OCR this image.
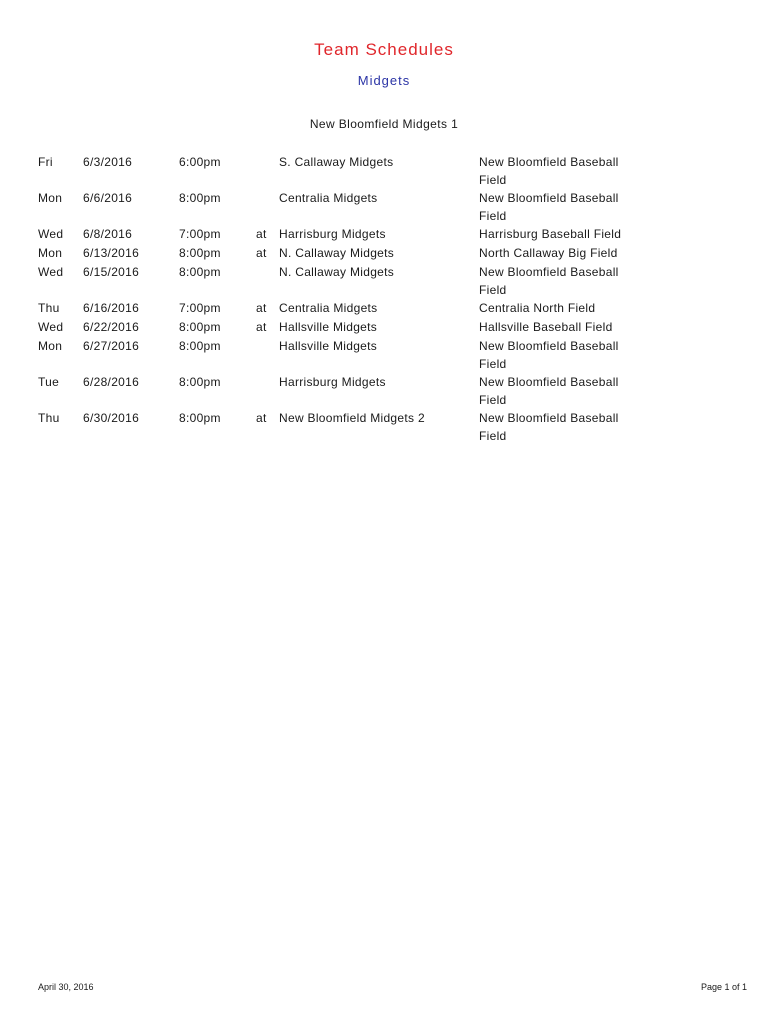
Team Schedules
Midgets
New Bloomfield Midgets 1
Fri	6/3/2016	6:00pm	S. Callaway Midgets	New Bloomfield Baseball Field
Mon 6/6/2016	8:00pm	Centralia Midgets	New Bloomfield Baseball Field
Wed 6/8/2016	7:00pm	at Harrisburg Midgets	Harrisburg Baseball Field
Mon 6/13/2016	8:00pm	at N. Callaway Midgets	North Callaway Big Field
Wed 6/15/2016	8:00pm	N. Callaway Midgets	New Bloomfield Baseball Field
Thu 6/16/2016	7:00pm	at Centralia Midgets	Centralia North Field
Wed 6/22/2016	8:00pm	at Hallsville Midgets	Hallsville Baseball Field
Mon 6/27/2016	8:00pm	Hallsville Midgets	New Bloomfield Baseball Field
Tue 6/28/2016	8:00pm	Harrisburg Midgets	New Bloomfield Baseball Field
Thu 6/30/2016	8:00pm	at New Bloomfield Midgets 2	New Bloomfield Baseball Field
April 30, 2016	Page 1 of 1
